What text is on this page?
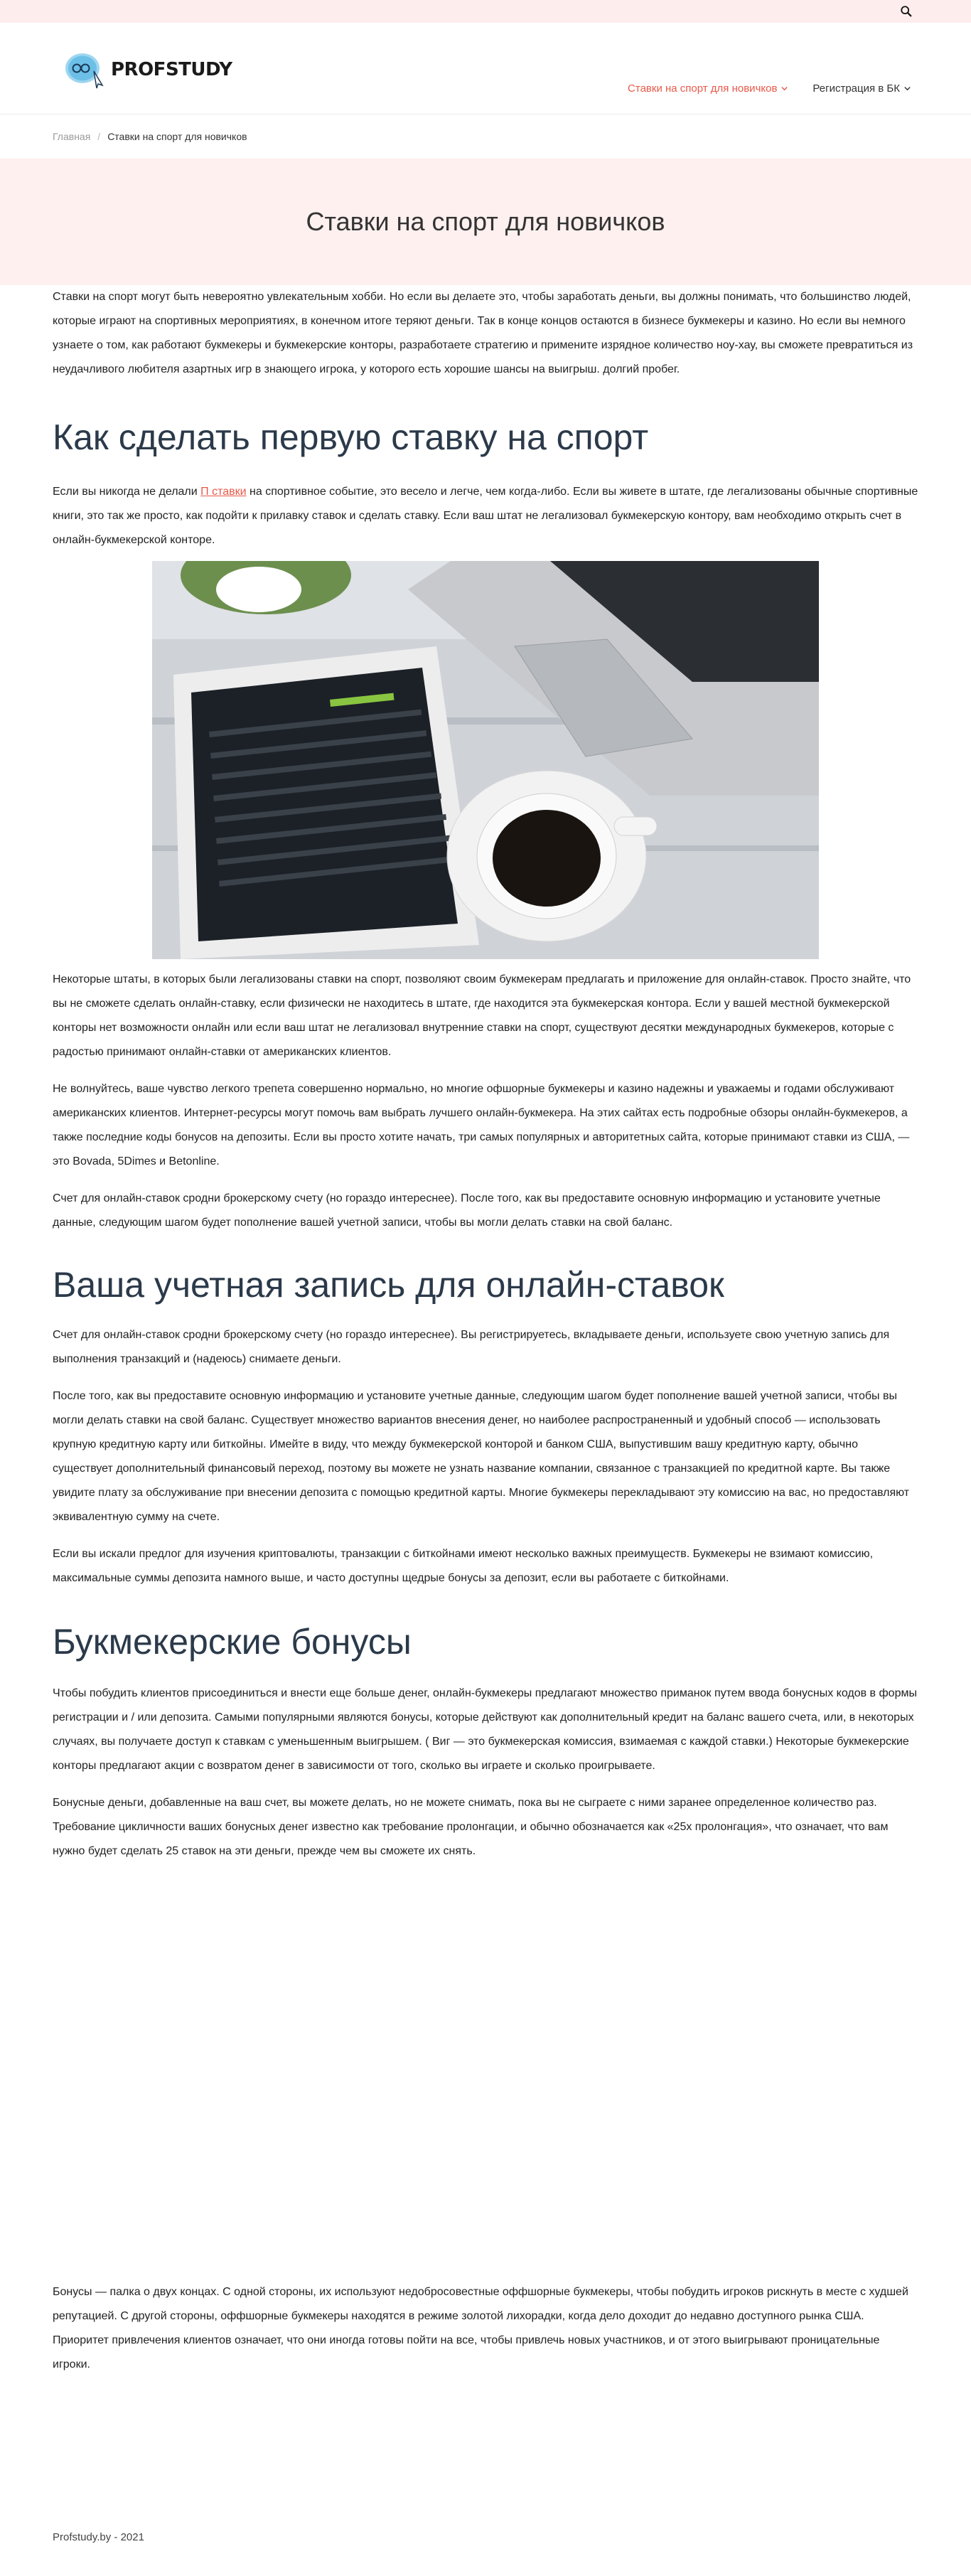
PROFSTUDY
Ставки на спорт для новичков	Регистрация в БК
Главная / Ставки на спорт для новичков
Ставки на спорт для новичков

Ставки на спорт могут быть невероятно увлекательным хобби. Но если вы делаете это, чтобы заработать деньги, вы должны понимать, что большинство людей, которые играют на спортивных мероприятиях, в конечном итоге теряют деньги. Так в конце концов остаются в бизнесе букмекеры и казино. Но если вы немного узнаете о том, как работают букмекеры и букмекерские конторы, разработаете стратегию и примените изрядное количество ноу-хау, вы сможете превратиться из неудачливого любителя азартных игр в знающего игрока, у которого есть хорошие шансы на выигрыш. долгий пробег.

Как сделать первую ставку на спорт

Если вы никогда не делали П ставки на спортивное событие, это весело и легче, чем когда-либо. Если вы живете в штате, где легализованы обычные спортивные книги, это так же просто, как подойти к прилавку ставок и сделать ставку. Если ваш штат не легализовал букмекерскую контору, вам необходимо открыть счет в онлайн-букмекерской конторе.

Некоторые штаты, в которых были легализованы ставки на спорт, позволяют своим букмекерам предлагать и приложение для онлайн-ставок. Просто знайте, что вы не сможете сделать онлайн-ставку, если физически не находитесь в штате, где находится эта букмекерская контора. Если у вашей местной букмекерской конторы нет возможности онлайн или если ваш штат не легализовал внутренние ставки на спорт, существуют десятки международных букмекеров, которые с радостью принимают онлайн-ставки от американских клиентов.

Не волнуйтесь, ваше чувство легкого трепета совершенно нормально, но многие офшорные букмекеры и казино надежны и уважаемы и годами обслуживают американских клиентов. Интернет-ресурсы могут помочь вам выбрать лучшего онлайн-букмекера. На этих сайтах есть подробные обзоры онлайн-букмекеров, а также последние коды бонусов на депозиты. Если вы просто хотите начать, три самых популярных и авторитетных сайта, которые принимают ставки из США, — это Bovada, 5Dimes и Betonline.

Счет для онлайн-ставок сродни брокерскому счету (но гораздо интереснее). После того, как вы предоставите основную информацию и установите учетные данные, следующим шагом будет пополнение вашей учетной записи, чтобы вы могли делать ставки на свой баланс.

Ваша учетная запись для онлайн-ставок

Счет для онлайн-ставок сродни брокерскому счету (но гораздо интереснее). Вы регистрируетесь, вкладываете деньги, используете свою учетную запись для выполнения транзакций и (надеюсь) снимаете деньги.

После того, как вы предоставите основную информацию и установите учетные данные, следующим шагом будет пополнение вашей учетной записи, чтобы вы могли делать ставки на свой баланс. Существует множество вариантов внесения денег, но наиболее распространенный и удобный способ — использовать крупную кредитную карту или биткойны. Имейте в виду, что между букмекерской конторой и банком США, выпустившим вашу кредитную карту, обычно существует дополнительный финансовый переход, поэтому вы можете не узнать название компании, связанное с транзакцией по кредитной карте. Вы также увидите плату за обслуживание при внесении депозита с помощью кредитной карты. Многие букмекеры перекладывают эту комиссию на вас, но предоставляют эквивалентную сумму на счете.

Если вы искали предлог для изучения криптовалюты, транзакции с биткойнами имеют несколько важных преимуществ. Букмекеры не взимают комиссию, максимальные суммы депозита намного выше, и часто доступны щедрые бонусы за депозит, если вы работаете с биткойнами.

Букмекерские бонусы

Чтобы побудить клиентов присоединиться и внести еще больше денег, онлайн-букмекеры предлагают множество приманок путем ввода бонусных кодов в формы регистрации и / или депозита. Самыми популярными являются бонусы, которые действуют как дополнительный кредит на баланс вашего счета, или, в некоторых случаях, вы получаете доступ к ставкам с уменьшенным выигрышем. ( Виг — это букмекерская комиссия, взимаемая с каждой ставки.) Некоторые букмекерские конторы предлагают акции с возвратом денег в зависимости от того, сколько вы играете и сколько проигрываете.

Бонусные деньги, добавленные на ваш счет, вы можете делать, но не можете снимать, пока вы не сыграете с ними заранее определенное количество раз. Требование цикличности ваших бонусных денег известно как требование пролонгации, и обычно обозначается как «25x пролонгация», что означает, что вам нужно будет сделать 25 ставок на эти деньги, прежде чем вы сможете их снять.

Бонусы — палка о двух концах. С одной стороны, их используют недобросовестные оффшорные букмекеры, чтобы побудить игроков рискнуть в месте с худшей репутацией. С другой стороны, оффшорные букмекеры находятся в режиме золотой лихорадки, когда дело доходит до недавно доступного рынка США. Приоритет привлечения клиентов означает, что они иногда готовы пойти на все, чтобы привлечь новых участников, и от этого выигрывают проницательные игроки.

Profstudy.by - 2021
